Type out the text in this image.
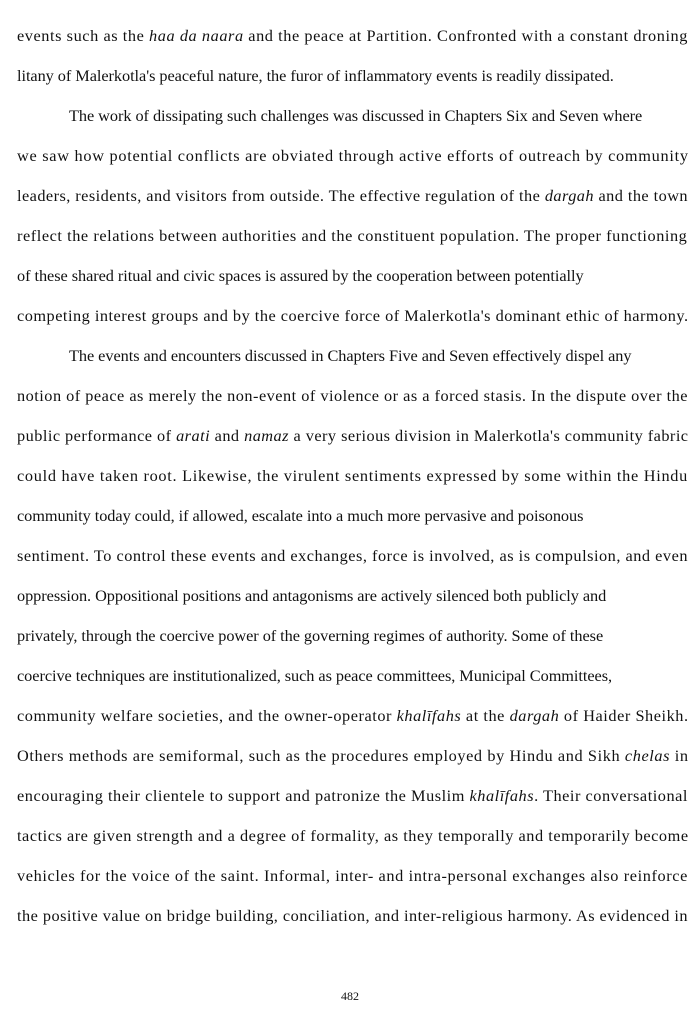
events such as the haa da naara and the peace at Partition. Confronted with a constant droning
litany of Malerkotla's peaceful nature, the furor of inflammatory events is readily dissipated.
The work of dissipating such challenges was discussed in Chapters Six and Seven where
we saw how potential conflicts are obviated through active efforts of outreach by community
leaders, residents, and visitors from outside. The effective regulation of the dargah and the town
reflect the relations between authorities and the constituent population. The proper functioning
of these shared ritual and civic spaces is assured by the cooperation between potentially
competing interest groups and by the coercive force of Malerkotla's dominant ethic of harmony.
The events and encounters discussed in Chapters Five and Seven effectively dispel any
notion of peace as merely the non-event of violence or as a forced stasis. In the dispute over the
public performance of arati and namaz a very serious division in Malerkotla's community fabric
could have taken root. Likewise, the virulent sentiments expressed by some within the Hindu
community today could, if allowed, escalate into a much more pervasive and poisonous
sentiment. To control these events and exchanges, force is involved, as is compulsion, and even
oppression. Oppositional positions and antagonisms are actively silenced both publicly and
privately, through the coercive power of the governing regimes of authority. Some of these
coercive techniques are institutionalized, such as peace committees, Municipal Committees,
community welfare societies, and the owner-operator khalīfahs at the dargah of Haider Sheikh.
Others methods are semiformal, such as the procedures employed by Hindu and Sikh chelas in
encouraging their clientele to support and patronize the Muslim khalīfahs. Their conversational
tactics are given strength and a degree of formality, as they temporally and temporarily become
vehicles for the voice of the saint. Informal, inter- and intra-personal exchanges also reinforce
the positive value on bridge building, conciliation, and inter-religious harmony. As evidenced in
482
